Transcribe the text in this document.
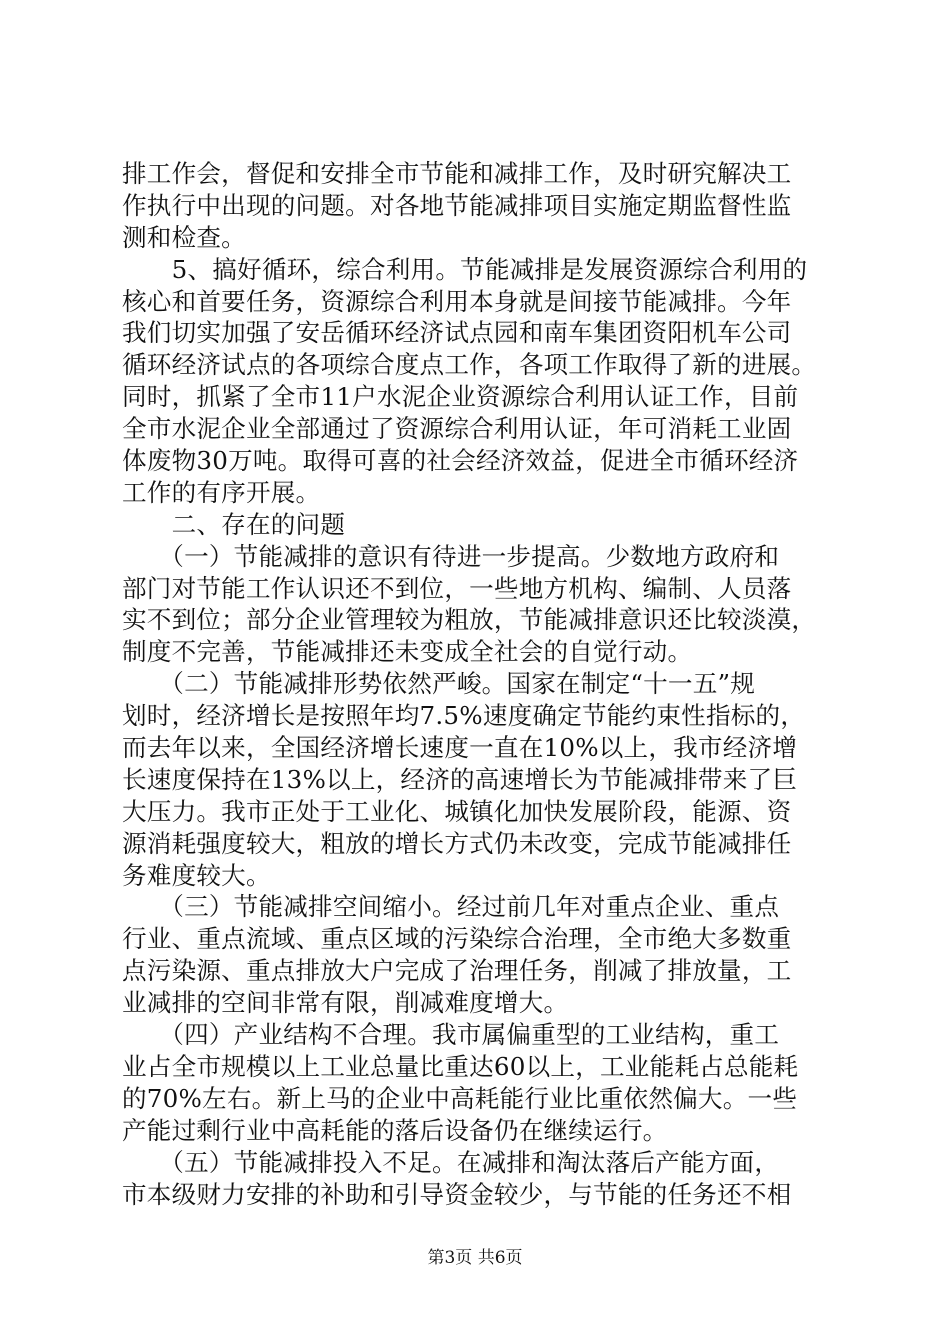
排工作会，督促和安排全市节能和减排工作，及时研究解决工
作执行中出现的问题。对各地节能减排项目实施定期监督性监
测和检查。
　　5、搞好循环，综合利用。节能减排是发展资源综合利用的
核心和首要任务，资源综合利用本身就是间接节能减排。今年
我们切实加强了安岳循环经济试点园和南车集团资阳机车公司
循环经济试点的各项综合度点工作，各项工作取得了新的进展。
同时，抓紧了全市11户水泥企业资源综合利用认证工作，目前
全市水泥企业全部通过了资源综合利用认证，年可消耗工业固
体废物30万吨。取得可喜的社会经济效益，促进全市循环经济
工作的有序开展。
　　二、存在的问题
　　（一）节能减排的意识有待进一步提高。少数地方政府和
部门对节能工作认识还不到位，一些地方机构、编制、人员落
实不到位；部分企业管理较为粗放，节能减排意识还比较淡漠，
制度不完善，节能减排还未变成全社会的自觉行动。
　　（二）节能减排形势依然严峻。国家在制定“十一五”规
划时，经济增长是按照年均7.5%速度确定节能约束性指标的，
而去年以来，全国经济增长速度一直在10%以上，我市经济增
长速度保持在13%以上，经济的高速增长为节能减排带来了巨
大压力。我市正处于工业化、城镇化加快发展阶段，能源、资
源消耗强度较大，粗放的增长方式仍未改变，完成节能减排任
务难度较大。
　　（三）节能减排空间缩小。经过前几年对重点企业、重点
行业、重点流域、重点区域的污染综合治理，全市绝大多数重
点污染源、重点排放大户完成了治理任务，削减了排放量，工
业减排的空间非常有限，削减难度增大。
　　（四）产业结构不合理。我市属偏重型的工业结构，重工
业占全市规模以上工业总量比重达60以上，工业能耗占总能耗
的70%左右。新上马的企业中高耗能行业比重依然偏大。一些
产能过剩行业中高耗能的落后设备仍在继续运行。
　　（五）节能减排投入不足。在减排和淘汰落后产能方面，
市本级财力安排的补助和引导资金较少，与节能的任务还不相
第3页 共6页
